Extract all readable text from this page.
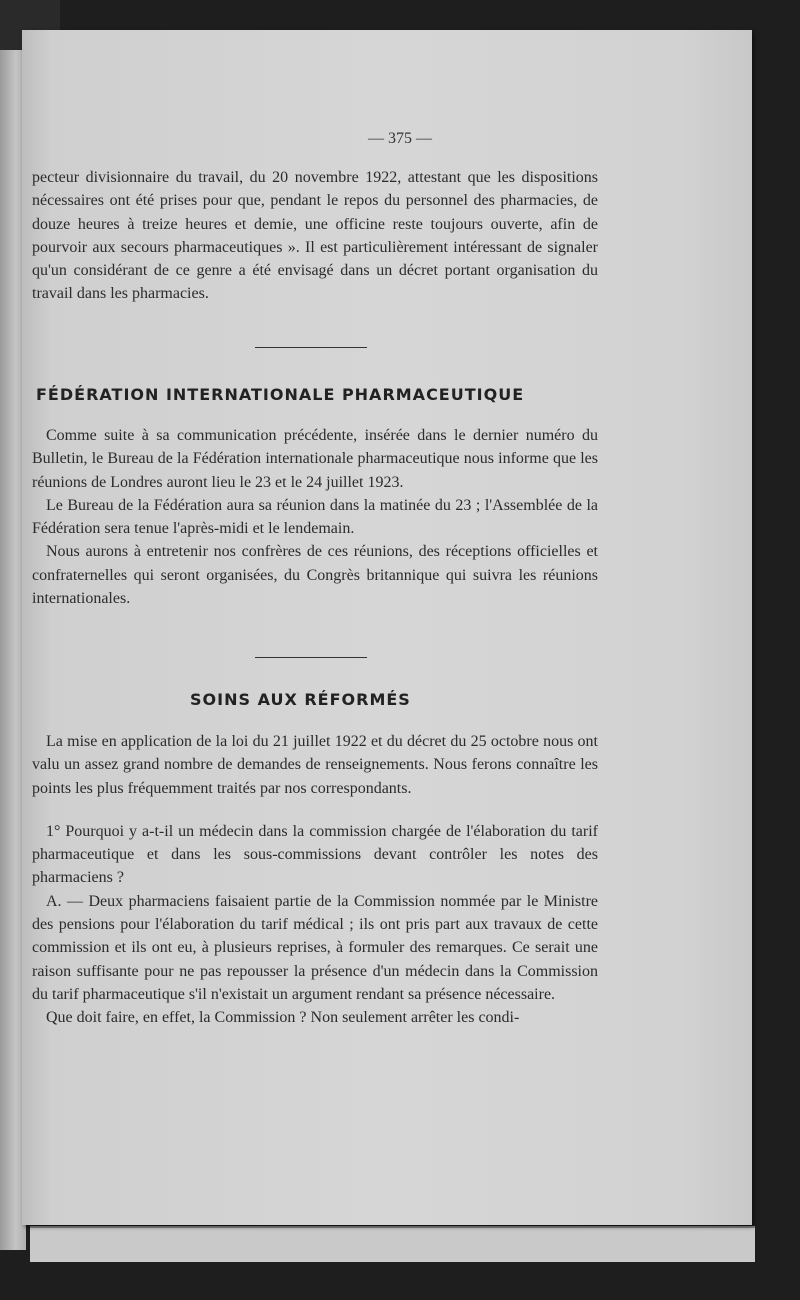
— 375 —

pecteur divisionnaire du travail, du 20 novembre 1922, attestant que les dispositions nécessaires ont été prises pour que, pendant le repos du personnel des pharmacies, de douze heures à treize heures et demie, une officine reste toujours ouverte, afin de pourvoir aux secours pharmaceutiques ». Il est particulièrement intéressant de signaler qu'un considérant de ce genre a été envisagé dans un décret portant organisation du travail dans les pharmacies.

FÉDÉRATION INTERNATIONALE PHARMACEUTIQUE

Comme suite à sa communication précédente, insérée dans le dernier numéro du Bulletin, le Bureau de la Fédération internationale pharmaceutique nous informe que les réunions de Londres auront lieu le 23 et le 24 juillet 1923.

Le Bureau de la Fédération aura sa réunion dans la matinée du 23 ; l'Assemblée de la Fédération sera tenue l'après-midi et le lendemain.

Nous aurons à entretenir nos confrères de ces réunions, des réceptions officielles et confraternelles qui seront organisées, du Congrès britannique qui suivra les réunions internationales.

SOINS AUX RÉFORMÉS

La mise en application de la loi du 21 juillet 1922 et du décret du 25 octobre nous ont valu un assez grand nombre de demandes de renseignements. Nous ferons connaître les points les plus fréquemment traités par nos correspondants.

1° Pourquoi y a-t-il un médecin dans la commission chargée de l'élaboration du tarif pharmaceutique et dans les sous-commissions devant contrôler les notes des pharmaciens ?

A. — Deux pharmaciens faisaient partie de la Commission nommée par le Ministre des pensions pour l'élaboration du tarif médical ; ils ont pris part aux travaux de cette commission et ils ont eu, à plusieurs reprises, à formuler des remarques. Ce serait une raison suffisante pour ne pas repousser la présence d'un médecin dans la Commission du tarif pharmaceutique s'il n'existait un argument rendant sa présence nécessaire.

Que doit faire, en effet, la Commission ? Non seulement arrêter les condi-
